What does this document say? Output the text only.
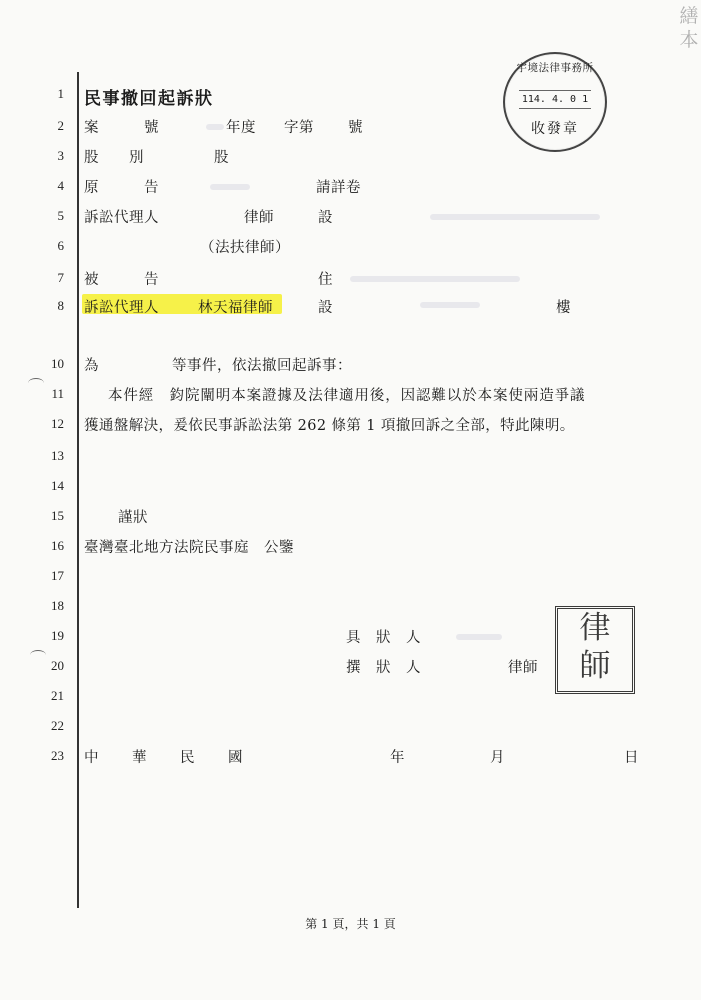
繕本
1
2
3
4
5
6
7
8
10
11
12
13
14
15
16
17
18
19
20
21
22
23
宇境法律事務所
114. 4. 0 1
收發章
民事撤回起訴狀
案　　　號	年度 字第 號
股　　別	股
原　　　告	請詳卷
訴訟代理人	律師	設
（法扶律師）
被　　　告	住
訴訟代理人	林天福律師	設	樓
為	等事件，依法撤回起訴事：
本件經　鈞院闡明本案證據及法律適用後，因認難以於本案使兩造爭議
獲通盤解決，爰依民事訴訟法第 262 條第 1 項撤回訴之全部，特此陳明。
謹狀
臺灣臺北地方法院民事庭　公鑒
具　狀　人
撰　狀　人	律師
律
師
中 華 民 國	年	月	日
第 1 頁，共 1 頁
